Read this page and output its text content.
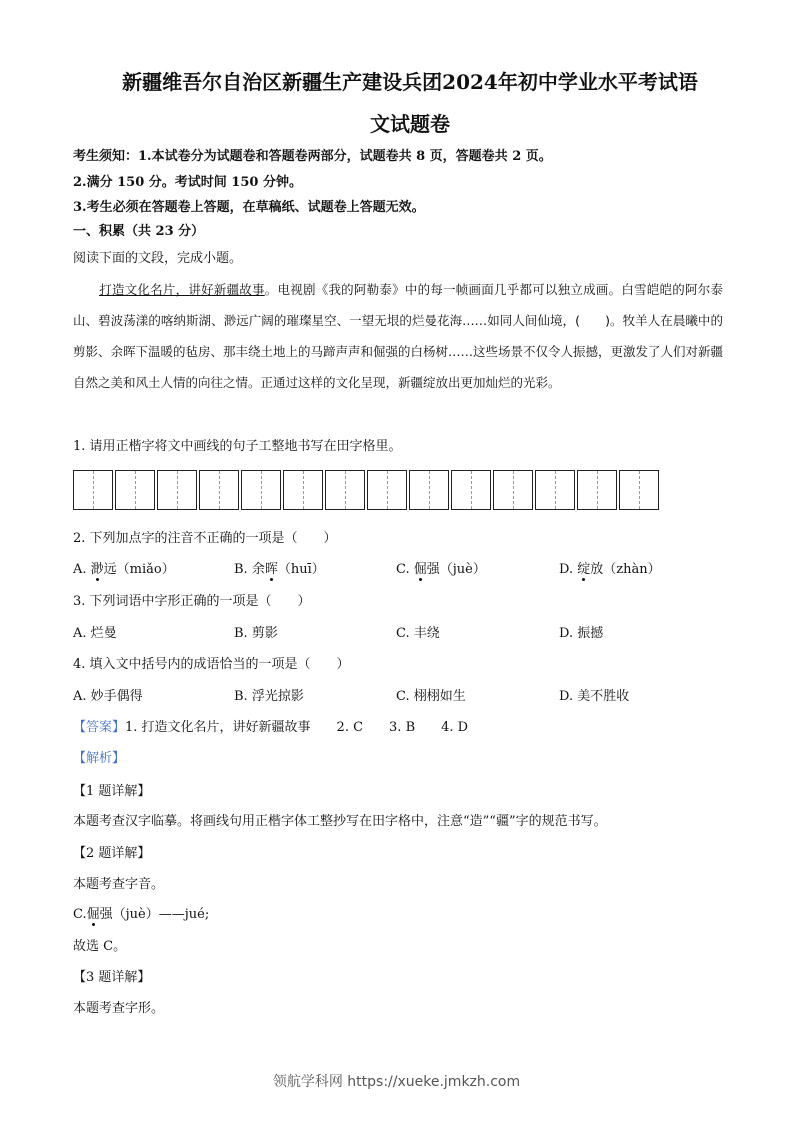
新疆维吾尔自治区新疆生产建设兵团2024年初中学业水平考试语
文试题卷
考生须知：1.本试卷分为试题卷和答题卷两部分，试题卷共 8 页，答题卷共 2 页。
2.满分 150 分。考试时间 150 分钟。
3.考生必须在答题卷上答题，在草稿纸、试题卷上答题无效。
一、积累（共 23 分）
阅读下面的文段，完成小题。
打造文化名片，讲好新疆故事。电视剧《我的阿勒泰》中的每一帧画面几乎都可以独立成画。白雪皑皑的阿尔泰山、碧波荡漾的喀纳斯湖、渺远广阔的璀璨星空、一望无垠的烂曼花海……如同人间仙境，(　　)。牧羊人在晨曦中的剪影、余晖下温暖的毡房、那丰绕土地上的马蹄声声和倔强的白杨树……这些场景不仅令人振撼，更激发了人们对新疆自然之美和风土人情的向往之情。正通过这样的文化呈现，新疆绽放出更加灿烂的光彩。
1. 请用正楷字将文中画线的句子工整地书写在田字格里。
2. 下列加点字的注音不正确的一项是（　　）
A. 渺远（miǎo）	B. 余晖（huī）	C. 倔强（juè）	D. 绽放（zhàn）
3. 下列词语中字形正确的一项是（　　）
A. 烂曼	B. 剪影	C. 丰绕	D. 振撼
4. 填入文中括号内的成语恰当的一项是（　　）
A. 妙手偶得	B. 浮光掠影	C. 栩栩如生	D. 美不胜收
【答案】1. 打造文化名片，讲好新疆故事　　2. C　　3. B　　4. D
【解析】
【1 题详解】
本题考查汉字临摹。将画线句用正楷字体工整抄写在田字格中，注意“造”“疆”字的规范书写。
【2 题详解】
本题考查字音。
C.倔强（juè）——jué;
故选 C。
【3 题详解】
本题考查字形。
领航学科网 https://xueke.jmkzh.com
